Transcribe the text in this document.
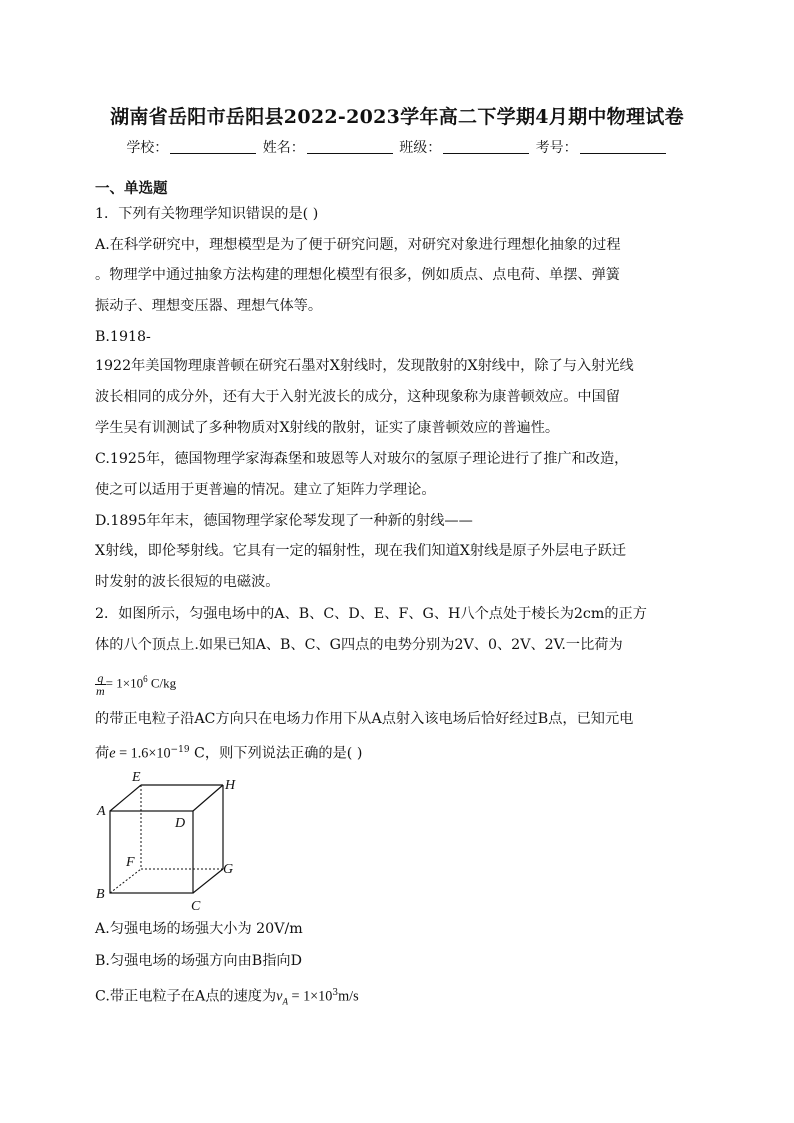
湖南省岳阳市岳阳县2022-2023学年高二下学期4月期中物理试卷
学校：	姓名：	班级：	考号：
一、单选题
1．下列有关物理学知识错误的是( )
A.在科学研究中，理想模型是为了便于研究问题，对研究对象进行理想化抽象的过程
。物理学中通过抽象方法构建的理想化模型有很多，例如质点、点电荷、单摆、弹簧
振动子、理想变压器、理想气体等。
B.1918-
1922年美国物理康普顿在研究石墨对X射线时，发现散射的X射线中，除了与入射光线
波长相同的成分外，还有大于入射光波长的成分，这种现象称为康普顿效应。中国留
学生吴有训测试了多种物质对X射线的散射，证实了康普顿效应的普遍性。
C.1925年，德国物理学家海森堡和玻恩等人对玻尔的氢原子理论进行了推广和改造，
使之可以适用于更普遍的情况。建立了矩阵力学理论。
D.1895年年末，德国物理学家伦琴发现了一种新的射线——
X射线，即伦琴射线。它具有一定的辐射性，现在我们知道X射线是原子外层电子跃迁
时发射的波长很短的电磁波。
2．如图所示，匀强电场中的A、B、C、D、E、F、G、H八个点处于棱长为2cm的正方
体的八个顶点上.如果已知A、B、C、G四点的电势分别为2V、0、2V、2V.一比荷为
$\frac{q}{m} = 1\times 10^6$ C/kg
的带正电粒子沿AC方向只在电场力作用下从A点射入该电场后恰好经过B点，已知元电
荷$e = 1.6\times 10^{-19}$ C，则下列说法正确的是( )
A
B
C
D
E
F	G
H
A.匀强电场的场强大小为 20V/m
B.匀强电场的场强方向由B指向D
C.带正电粒子在A点的速度为$v_A = 1\times 10^3m/s$
